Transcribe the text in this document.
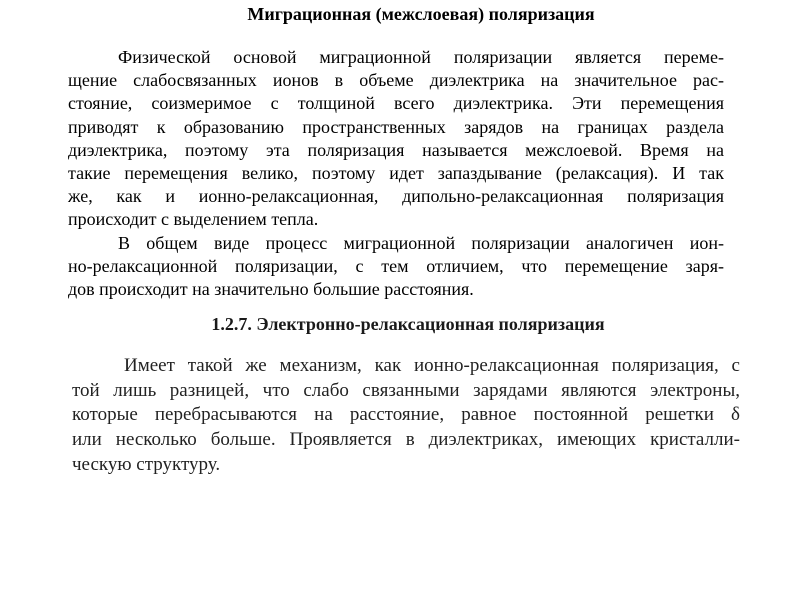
Миграционная (межслоевая) поляризация
Физической основой миграционной поляризации является переме-
щение слабосвязанных ионов в объеме диэлектрика на значительное рас-
стояние, соизмеримое с толщиной всего диэлектрика. Эти перемещения
приводят к образованию пространственных зарядов на границах раздела
диэлектрика, поэтому эта поляризация называется межслоевой. Время на
такие перемещения велико, поэтому идет запаздывание (релаксация). И так
же, как и ионно-релаксационная, дипольно-релаксационная поляризация
происходит с выделением тепла.
В общем виде процесс миграционной поляризации аналогичен ион-
но-релаксационной поляризации, с тем отличием, что перемещение заря-
дов происходит на значительно большие расстояния.
1.2.7. Электронно-релаксационная поляризация
Имеет такой же механизм, как ионно-релаксационная поляризация, с
той лишь разницей, что слабо связанными зарядами являются электроны,
которые перебрасываются на расстояние, равное постоянной решетки δ
или несколько больше. Проявляется в диэлектриках, имеющих кристалли-
ческую структуру.
